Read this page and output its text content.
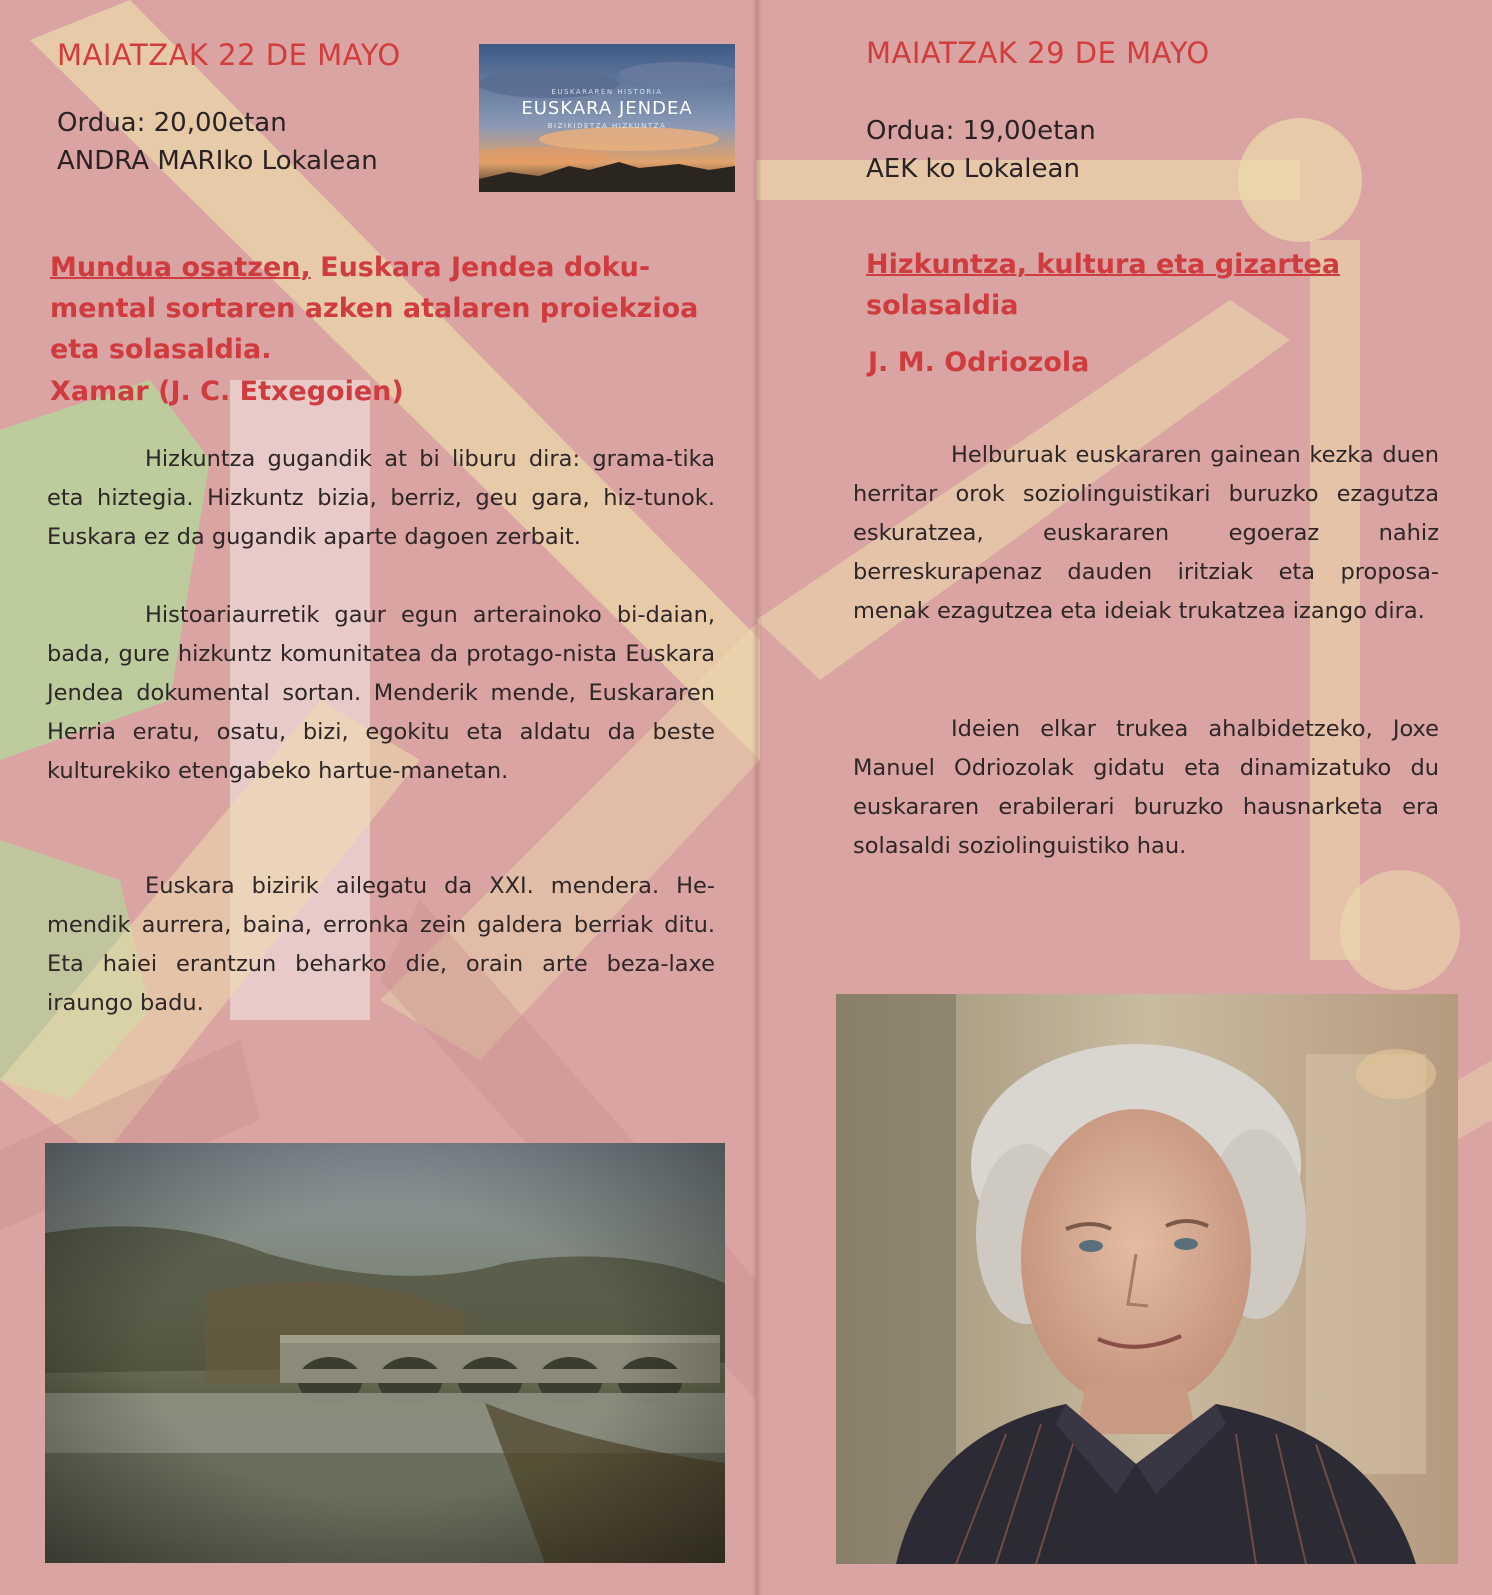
MAIATZAK 22 DE MAYO
Ordua: 20,00etan
ANDRA MARIko Lokalean
EUSKARAREN HISTORIA
EUSKARA JENDEA
BIZIKIDETZA HIZKUNTZA
Mundua osatzen, Euskara Jendea doku-mental sortaren azken atalaren proiekzioa eta solasaldia.
Xamar (J. C. Etxegoien)

Hizkuntza gugandik at bi liburu dira: grama-tika eta hiztegia. Hizkuntz bizia, berriz, geu gara, hiz-tunok. Euskara ez da gugandik aparte dagoen zerbait.

Histoariaurretik gaur egun arterainoko bi-daian, bada, gure hizkuntz komunitatea da protago-nista Euskara Jendea dokumental sortan. Menderik mende, Euskararen Herria eratu, osatu, bizi, egokitu eta aldatu da beste kulturekiko etengabeko hartue-manetan.

Euskara bizirik ailegatu da XXI. mendera. He-mendik aurrera, baina, erronka zein galdera berriak ditu. Eta haiei erantzun beharko die, orain arte beza-laxe iraungo badu.

MAIATZAK 29 DE MAYO
Ordua: 19,00etan
AEK ko Lokalean
Hizkuntza, kultura eta gizartea
solasaldia
J. M. Odriozola

Helburuak euskararen gainean kezka duen herritar orok soziolinguistikari buruzko ezagutza eskuratzea, euskararen egoeraz nahiz berreskurapenaz dauden iritziak eta proposa-menak ezagutzea eta ideiak trukatzea izango dira.

Ideien elkar trukea ahalbidetzeko, Joxe Manuel Odriozolak gidatu eta dinamizatuko du euskararen erabilerari buruzko hausnarketa era solasaldi soziolinguistiko hau.
